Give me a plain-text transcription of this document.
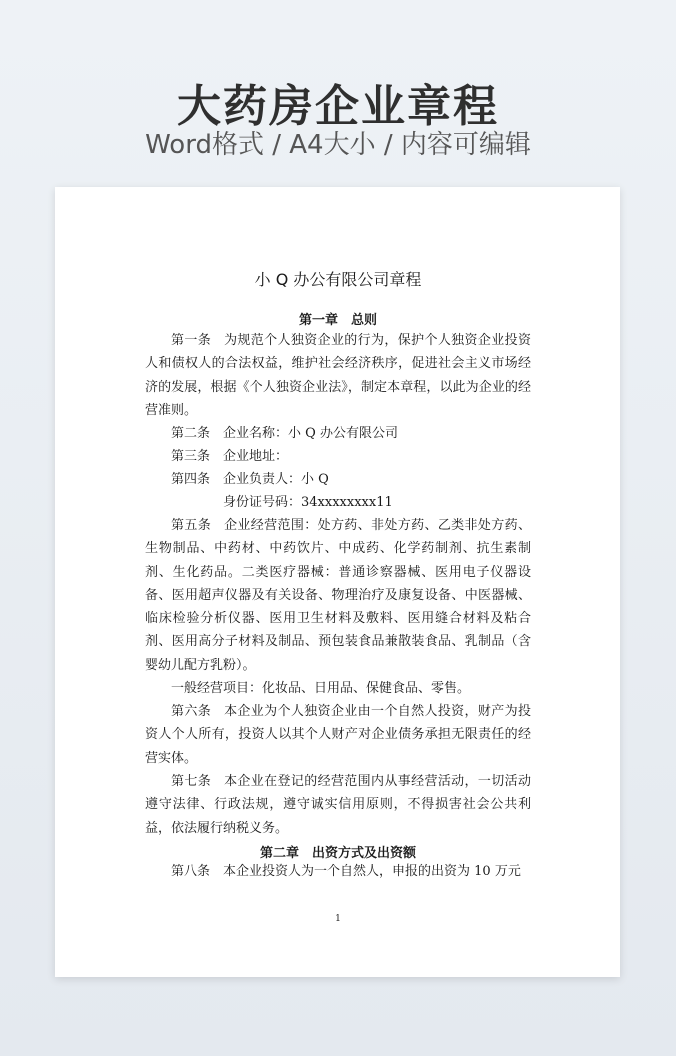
大药房企业章程
Word格式 / A4大小 / 内容可编辑
小 Q 办公有限公司章程
第一章　总则
第一条 为规范个人独资企业的行为，保护个人独资企业投资人和债权人的合法权益，维护社会经济秩序，促进社会主义市场经济的发展，根据《个人独资企业法》，制定本章程，以此为企业的经营准则。
第二条 企业名称：小 Q 办公有限公司
第三条 企业地址：
第四条 企业负责人：小 Q
身份证号码：34xxxxxxxx11
第五条 企业经营范围：处方药、非处方药、乙类非处方药、生物制品、中药材、中药饮片、中成药、化学药制剂、抗生素制剂、生化药品。二类医疗器械：普通诊察器械、医用电子仪器设备、医用超声仪器及有关设备、物理治疗及康复设备、中医器械、临床检验分析仪器、医用卫生材料及敷料、医用缝合材料及粘合剂、医用高分子材料及制品、预包装食品兼散装食品、乳制品（含婴幼儿配方乳粉）。
一般经营项目：化妆品、日用品、保健食品、零售。
第六条 本企业为个人独资企业由一个自然人投资，财产为投资人个人所有，投资人以其个人财产对企业债务承担无限责任的经营实体。
第七条 本企业在登记的经营范围内从事经营活动，一切活动遵守法律、行政法规，遵守诚实信用原则，不得损害社会公共利益，依法履行纳税义务。
第二章　出资方式及出资额
第八条 本企业投资人为一个自然人，申报的出资为 10 万元
1
